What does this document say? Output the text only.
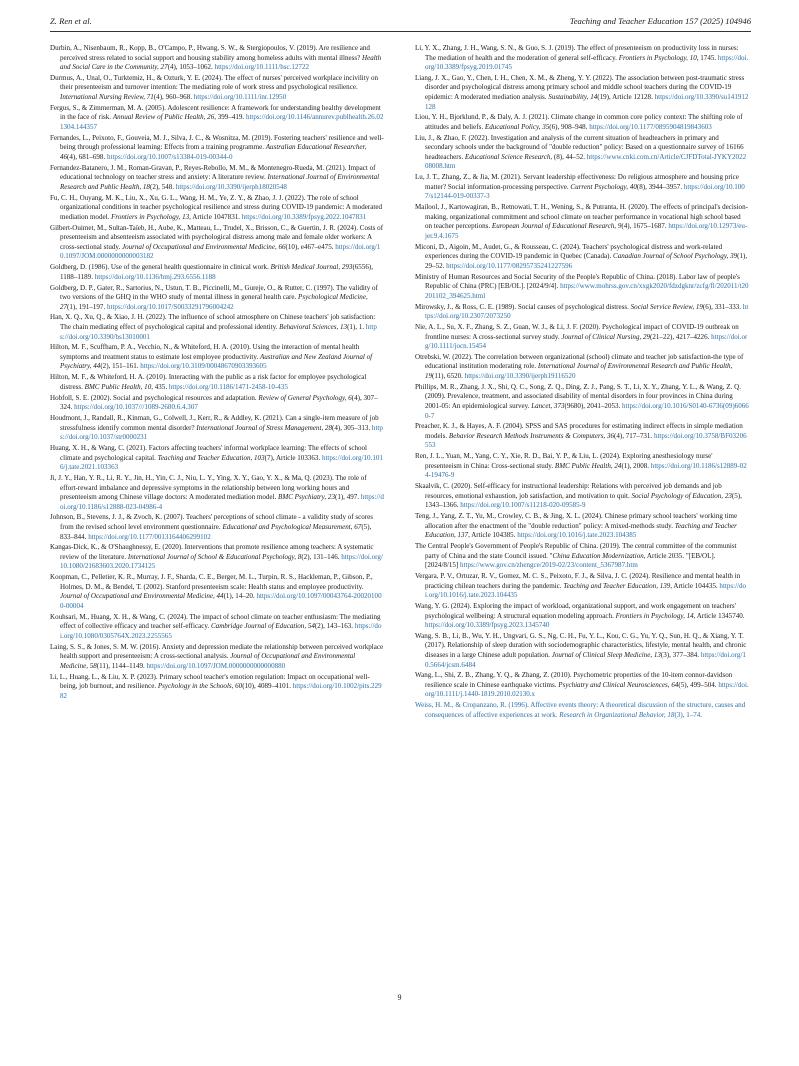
Z. Ren et al.	Teaching and Teacher Education 157 (2025) 104946

Durbin, A., Nisenbaum, R., Kopp, B., O'Campo, P., Hwang, S. W., & Stergiopoulos, V. (2019). Are resilience and perceived stress related to social support and housing stability among homeless adults with mental illness? Health and Social Care in the Community, 27(4), 1053–1062. https://doi.org/10.1111/hsc.12722

Durmus, A., Unal, O., Turktemiz, H., & Ozturk, Y. E. (2024). The effect of nurses' perceived workplace incivility on their presenteeism and turnover intention: The mediating role of work stress and psychological resilience. International Nursing Review, 71(4), 960–968. https://doi.org/10.1111/inr.12950

Fergus, S., & Zimmerman, M. A. (2005). Adolescent resilience: A framework for understanding healthy development in the face of risk. Annual Review of Public Health, 26, 399–419. https://doi.org/10.1146/annurev.publhealth.26.021304.144357

Fernandes, L., Peixoto, F., Gouveia, M. J., Silva, J. C., & Wosnitza, M. (2019). Fostering teachers' resilience and well-being through professional learning: Effects from a training programme. Australian Educational Researcher, 46(4), 681–698. https://doi.org/10.1007/s13384-019-00344-0

Fernandez-Batanero, J. M., Roman-Gravan, P., Reyes-Rebollo, M. M., & Montenegro-Rueda, M. (2021). Impact of educational technology on teacher stress and anxiety: A literature review. International Journal of Environmental Research and Public Health, 18(2), 548. https://doi.org/10.3390/ijerph18020548

Fu, C. H., Ouyang, M. K., Liu, X., Xu, G. L., Wang, H. M., Ye, Z. Y., & Zhao, J. J. (2022). The role of school organizational conditions in teacher psychological resilience and stress during COVID-19 pandemic: A moderated mediation model. Frontiers in Psychology, 13, Article 1047831. https://doi.org/10.3389/fpsyg.2022.1047831

Gilbert-Ouimet, M., Sultan-Taïeb, H., Aube, K., Matteau, L., Trudel, X., Brisson, C., & Guertin, J. R. (2024). Costs of presenteeism and absenteeism associated with psychological distress among male and female older workers: A cross-sectional study. Journal of Occupational and Environmental Medicine, 66(10), e467–e475. https://doi.org/10.1097/JOM.0000000000003182

Goldberg, D. (1986). Use of the general health questionnaire in clinical work. British Medical Journal, 293(6556), 1188–1189. https://doi.org/10.1136/bmj.293.6556.1188

Goldberg, D. P., Gater, R., Sartorius, N., Ustun, T. B., Piccinelli, M., Gureje, O., & Rutter, C. (1997). The validity of two versions of the GHQ in the WHO study of mental illness in general health care. Psychological Medicine, 27(1), 191–197. https://doi.org/10.1017/S0033291796004242

Han, X. Q., Xu, Q., & Xiao, J. H. (2022). The influence of school atmosphere on Chinese teachers' job satisfaction: The chain mediating effect of psychological capital and professional identity. Behavioral Sciences, 13(1), 1. https://doi.org/10.3390/bs13010001

Hilton, M. F., Scuffham, P. A., Vecchio, N., & Whiteford, H. A. (2010). Using the interaction of mental health symptoms and treatment status to estimate lost employee productivity. Australian and New Zealand Journal of Psychiatry, 44(2), 151–161. https://doi.org/10.3109/00048670903393605

Hilton, M. F., & Whiteford, H. A. (2010). Interacting with the public as a risk factor for employee psychological distress. BMC Public Health, 10, 435. https://doi.org/10.1186/1471-2458-10-435

Hobfoll, S. E. (2002). Social and psychological resources and adaptation. Review of General Psychology, 6(4), 307–324. https://doi.org/10.1037///1089-2680.6.4.307

Houdmont, J., Randall, R., Kinman, G., Colwell, J., Kerr, R., & Addley, K. (2021). Can a single-item measure of job stressfulness identify common mental disorder? International Journal of Stress Management, 28(4), 305–313. https://doi.org/10.1037/str0000231

Huang, X. H., & Wang, C. (2021). Factors affecting teachers' informal workplace learning: The effects of school climate and psychological capital. Teaching and Teacher Education, 103(7), Article 103363. https://doi.org/10.1016/j.tate.2021.103363

Ji, J. Y., Han, Y. R., Li, R. Y., Jin, H., Yin, C. J., Niu, L. Y., Ying, X. Y., Gao, Y. X., & Ma, Q. (2023). The role of effort-reward imbalance and depressive symptoms in the relationship between long working hours and presenteeism among Chinese village doctors: A moderated mediation model. BMC Psychiatry, 23(1), 497. https://doi.org/10.1186/s12888-023-04986-4

Johnson, B., Stevens, J. J., & Zvoch, K. (2007). Teachers' perceptions of school climate - a validity study of scores from the revised school level environment questionnaire. Educational and Psychological Measurement, 67(5), 833–844. https://doi.org/10.1177/0013164406299102

Kangas-Dick, K., & O'Shaughnessy, E. (2020). Interventions that promote resilience among teachers: A systematic review of the literature. International Journal of School & Educational Psychology, 8(2), 131–146. https://doi.org/10.1080/21683603.2020.1734125

Koopman, C., Pelletier, K. R., Murray, J. F., Sharda, C. E., Berger, M. L., Turpin, R. S., Hackleman, P., Gibson, P., Holmes, D. M., & Bendel, T. (2002). Stanford presenteeism scale: Health status and employee productivity. Journal of Occupational and Environmental Medicine, 44(1), 14–20. https://doi.org/10.1097/00043764-200201000-00004

Kouhsari, M., Huang, X. H., & Wang, C. (2024). The impact of school climate on teacher enthusiasm: The mediating effect of collective efficacy and teacher self-efficacy. Cambridge Journal of Education, 54(2), 143–163. https://doi.org/10.1080/0305764X.2023.2255565

Laing, S. S., & Jones, S. M. W. (2016). Anxiety and depression mediate the relationship between perceived workplace health support and presenteeism: A cross-sectional analysis. Journal of Occupational and Environmental Medicine, 58(11), 1144–1149. https://doi.org/10.1097/JOM.0000000000000880

Li, L., Huang, L., & Liu, X. P. (2023). Primary school teacher's emotion regulation: Impact on occupational well-being, job burnout, and resilience. Psychology in the Schools, 60(10), 4089–4101. https://doi.org/10.1002/pits.22982

Li, Y. X., Zhang, J. H., Wang, S. N., & Guo, S. J. (2019). The effect of presenteeism on productivity loss in nurses: The mediation of health and the moderation of general self-efficacy. Frontiers in Psychology, 10, 1745. https://doi.org/10.3389/fpsyg.2019.01745

Liang, J. X., Gao, Y., Chen, I. H., Chen, X. M., & Zheng, Y. Y. (2022). The association between post-traumatic stress disorder and psychological distress among primary school and middle school teachers during the COVID-19 epidemic: A moderated mediation analysis. Sustainability, 14(19), Article 12128. https://doi.org/10.3390/su141912128

Liou, Y. H., Bjorklund, P., & Daly, A. J. (2021). Climate change in common core policy context: The shifting role of attitudes and beliefs. Educational Policy, 35(6), 908–948. https://doi.org/10.1177/0895904819843603

Liu, J., & Zhao, F. (2022). Investigation and analysis of the current situation of headteachers in primary and secondary schools under the background of "double reduction" policy: Based on a questionnaire survey of 16166 headteachers. Educational Science Research, (8), 44–52. https://www.cnki.com.cn/Article/CJFDTotal-JYKY202208008.htm

Lu, J. T., Zhang, Z., & Jia, M. (2021). Servant leadership effectiveness: Do religious atmosphere and housing price matter? Social information-processing perspective. Current Psychology, 40(8), 3944–3957. https://doi.org/10.1007/s12144-019-00337-3

Mailool, J., Kartowagiran, B., Retnowati, T. H., Wening, S., & Putranta, H. (2020). The effects of principal's decision-making, organizational commitment and school climate on teacher performance in vocational high school based on teacher perceptions. European Journal of Educational Research, 9(4), 1675–1687. https://doi.org/10.12973/eu-jer.9.4.1675

Miconi, D., Aigoin, M., Audet, G., & Rousseau, C. (2024). Teachers' psychological distress and work-related experiences during the COVID-19 pandemic in Quebec (Canada). Canadian Journal of School Psychology, 39(1), 29–52. https://doi.org/10.1177/08295735241227596

Ministry of Human Resources and Social Security of the People's Republic of China. (2018). Labor law of people's Republic of China (PRC) [EB/OL]. [2024/9/4]. https://www.mohrss.gov.cn/xxgk2020/fdzdgknr/zcfg/fl/202011/t20201102_394625.html

Mirowsky, J., & Ross, C. E. (1989). Social causes of psychological distress. Social Service Review, 19(6), 331–333. https://doi.org/10.2307/2073250

Nie, A. L., Su, X. F., Zhang, S. Z., Guan, W. J., & Li, J. F. (2020). Psychological impact of COVID-19 outbreak on frontline nurses: A cross-sectional survey study. Journal of Clinical Nursing, 29(21–22), 4217–4226. https://doi.org/10.1111/jocn.15454

Otrebski, W. (2022). The correlation between organizational (school) climate and teacher job satisfaction-the type of educational institution moderating role. International Journal of Environmental Research and Public Health, 19(11), 6520. https://doi.org/10.3390/ijerph19116520

Phillips, M. R., Zhang, J. X., Shi, Q. C., Song, Z. Q., Ding, Z. J., Pang, S. T., Li, X. Y., Zhang, Y. L., & Wang, Z. Q. (2009). Prevalence, treatment, and associated disability of mental disorders in four provinces in China during 2001-05: An epidemiological survey. Lancet, 373(9680), 2041–2053. https://doi.org/10.1016/S0140-6736(09)60660-7

Preacher, K. J., & Hayes, A. F. (2004). SPSS and SAS procedures for estimating indirect effects in simple mediation models. Behavior Research Methods Instruments & Computers, 36(4), 717–731. https://doi.org/10.3758/BF03206553

Ren, J. L., Yuan, M., Yang, C. Y., Xie, R. D., Bai, Y. P., & Liu, L. (2024). Exploring anesthesiology nurse' presenteeism in China: Cross-sectional study. BMC Public Health, 24(1), 2008. https://doi.org/10.1186/s12889-024-19476-9

Skaalvik, C. (2020). Self-efficacy for instructional leadership: Relations with perceived job demands and job resources, emotional exhaustion, job satisfaction, and motivation to quit. Social Psychology of Education, 23(5), 1343–1366. https://doi.org/10.1007/s11218-020-09585-9

Teng, J., Yang, Z. T., Yu, M., Crowley, C. B., & Jing, X. L. (2024). Chinese primary school teachers' working time allocation after the enactment of the "double reduction" policy: A mixed-methods study. Teaching and Teacher Education, 137, Article 104385. https://doi.org/10.1016/j.tate.2023.104385

The Central People's Government of People's Republic of China. (2019). The central committee of the communist party of China and the state Council issued. "China Education Modernization, Article 2035. "[EB/OL]. [2024/8/15] https://www.gov.cn/zhengce/2019-02/23/content_5367987.htm

Vergara, P. V., Ortuzar, R. V., Gomez, M. C. S., Peixoto, F. J., & Silva, J. C. (2024). Resilience and mental health in practicing chilean teachers during the pandemic. Teaching and Teacher Education, 139, Article 104435. https://doi.org/10.1016/j.tate.2023.104435

Wang, Y. G. (2024). Exploring the impact of workload, organizational support, and work engagement on teachers' psychological wellbeing: A structural equation modeling approach. Frontiers in Psychology, 14, Article 1345740. https://doi.org/10.3389/fpsyg.2023.1345740

Wang, S. B., Li, B., Wu, Y. H., Ungvari, G. S., Ng, C. H., Fu, Y. L., Kou, C. G., Yu, Y. Q., Sun, H. Q., & Xiang, Y. T. (2017). Relationship of sleep duration with sociodemographic characteristics, lifestyle, mental health, and chronic diseases in a large Chinese adult population. Journal of Clinical Sleep Medicine, 13(3), 377–384. https://doi.org/10.5664/jcsm.6484

Wang, L., Shi, Z. B., Zhang, Y. Q., & Zhang, Z. (2010). Psychometric properties of the 10-item connor-davidson resilience scale in Chinese earthquake victims. Psychiatry and Clinical Neurosciences, 64(5), 499–504. https://doi.org/10.1111/j.1440-1819.2010.02130.x

Weiss, H. M., & Cropanzano, R. (1996). Affective events theory: A theoretical discussion of the structure, causes and consequences of affective experiences at work. Research in Organizational Behavior, 18(3), 1–74.

9
